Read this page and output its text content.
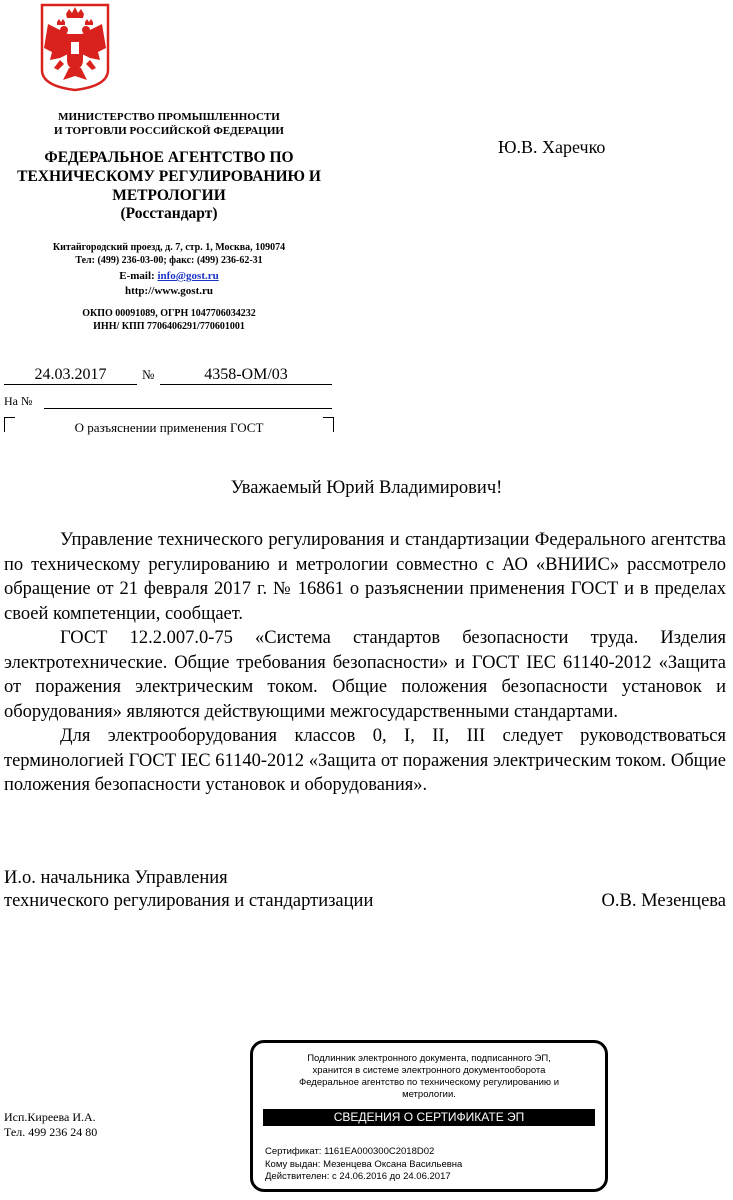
МИНИСТЕРСТВО ПРОМЫШЛЕННОСТИ
И ТОРГОВЛИ РОССИЙСКОЙ ФЕДЕРАЦИИ
ФЕДЕРАЛЬНОЕ АГЕНТСТВО ПО
ТЕХНИЧЕСКОМУ РЕГУЛИРОВАНИЮ И
МЕТРОЛОГИИ
(Росстандарт)
Китайгородский проезд, д. 7, стр. 1, Москва, 109074
Тел: (499) 236-03-00; факс: (499) 236-62-31
E-mail: info@gost.ru
http://www.gost.ru
ОКПО 00091089, ОГРН 1047706034232
ИНН/ КПП 7706406291/770601001
Ю.В. Харечко
24.03.2017	№	4358-ОМ/03
На №
О разъяснении применения ГОСТ
Уважаемый Юрий Владимирович!

Управление технического регулирования и стандартизации Федерального агентства по техническому регулированию и метрологии совместно с АО «ВНИИС» рассмотрело обращение от 21 февраля 2017 г. № 16861 о разъяснении применения ГОСТ и в пределах своей компетенции, сообщает.

ГОСТ 12.2.007.0-75 «Система стандартов безопасности труда. Изделия электротехнические. Общие требования безопасности» и ГОСТ IEC 61140-2012 «Защита от поражения электрическим током. Общие положения безопасности установок и оборудования» являются действующими межгосударственными стандартами.

Для электрооборудования классов 0, I, II, III следует руководствоваться терминологией ГОСТ IEC 61140-2012 «Защита от поражения электрическим током. Общие положения безопасности установок и оборудования».

И.о. начальника Управления
технического регулирования и стандартизации	О.В. Мезенцева
Исп.Киреева И.А.
Тел. 499 236 24 80
Подлинник электронного документа, подписанного ЭП,
хранится в системе электронного документооборота
Федеральное агентство по техническому регулированию и
метрологии.
СВЕДЕНИЯ О СЕРТИФИКАТЕ ЭП
Сертификат: 1161EA000300C2018D02
Кому выдан: Мезенцева Оксана Васильевна
Действителен: с 24.06.2016 до 24.06.2017
